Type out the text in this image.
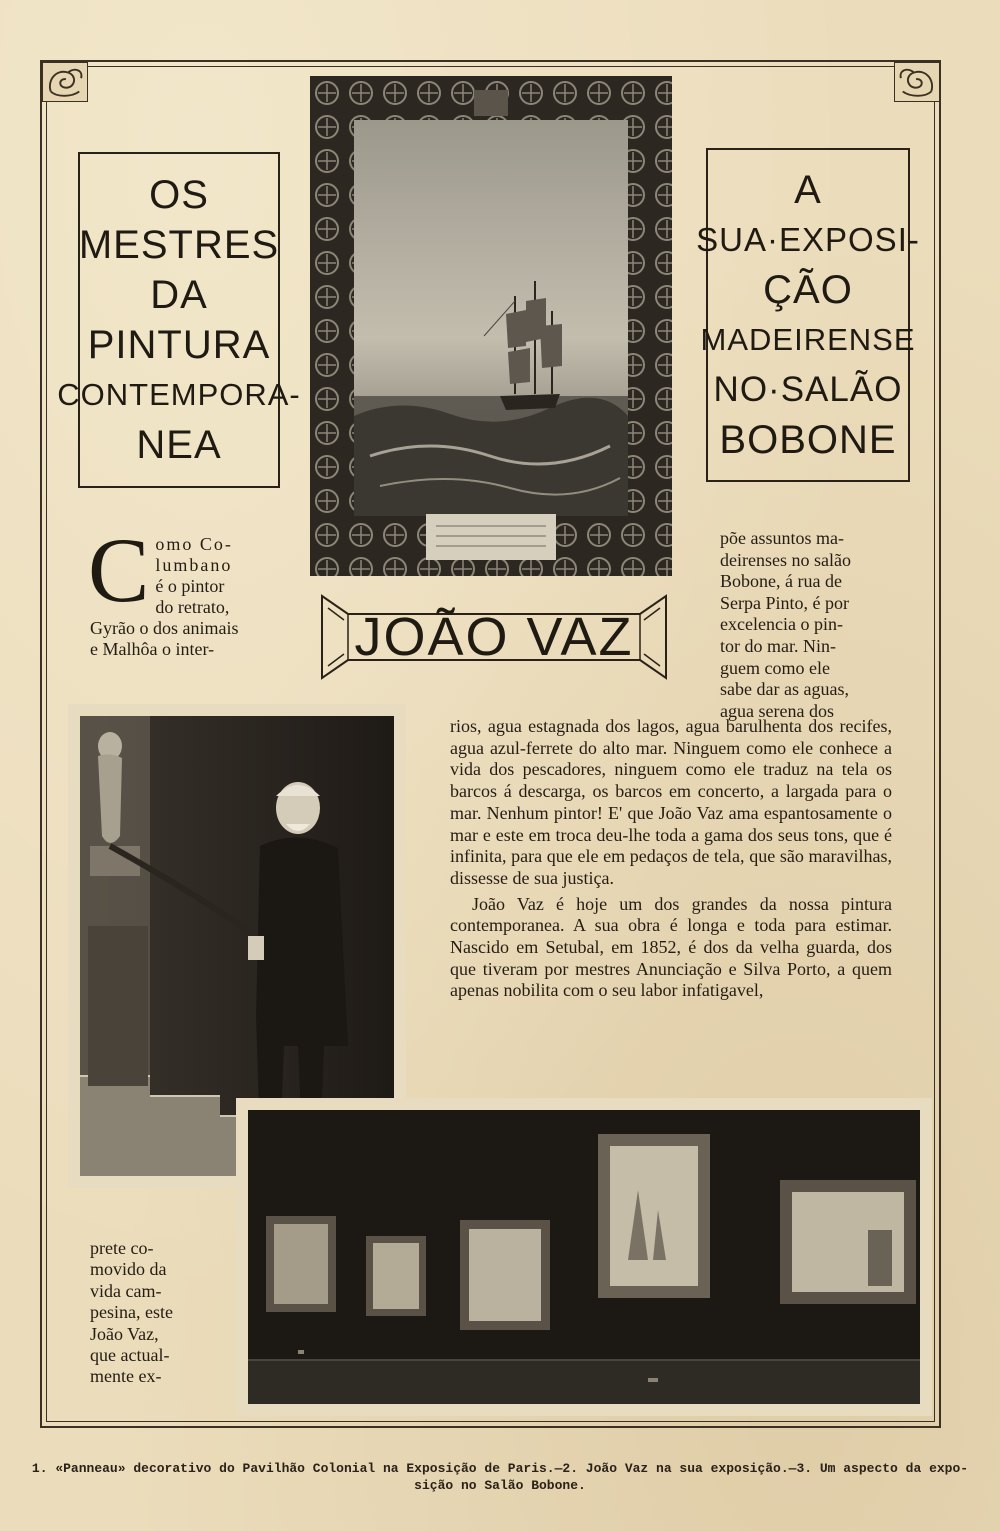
OS
MESTRES
DA
PINTURA
CONTEMPORA-
NEA
A
SUA·EXPOSI-
ÇÃO
MADEIRENSE
NO·SALÃO
BOBONE
JOÃO VAZ
C omo Co-
lumbano
é o pintor
do retrato,
Gyrão o dos animais
e Malhôa o inter-
põe assuntos ma-
deirenses no salão
Bobone, á rua de
Serpa Pinto, é por
excelencia o pin-
tor do mar. Nin-
guem como ele
sabe dar as aguas,
agua serena dos

rios, agua estagnada dos lagos, agua barulhenta dos recifes, agua azul-ferrete do alto mar. Ninguem como ele conhece a vida dos pescadores, ninguem como ele traduz na tela os barcos á descarga, os barcos em concerto, a largada para o mar. Nenhum pintor! E' que João Vaz ama espantosamente o mar e este em troca deu-lhe toda a gama dos seus tons, que é infinita, para que ele em pedaços de tela, que são maravilhas, dissesse de sua justiça.

João Vaz é hoje um dos grandes da nossa pintura contemporanea. A sua obra é longa e toda para estimar. Nascido em Setubal, em 1852, é dos da velha guarda, dos que tiveram por mestres Anunciação e Silva Porto, a quem apenas nobilita com o seu labor infatigavel,

prete co-
movido da
vida cam-
pesina, este
João Vaz,
que actual-
mente ex-
1. «Panneau» decorativo do Pavilhão Colonial na Exposição de Paris.—2. João Vaz na sua exposição.—3. Um aspecto da expo-
sição no Salão Bobone.
